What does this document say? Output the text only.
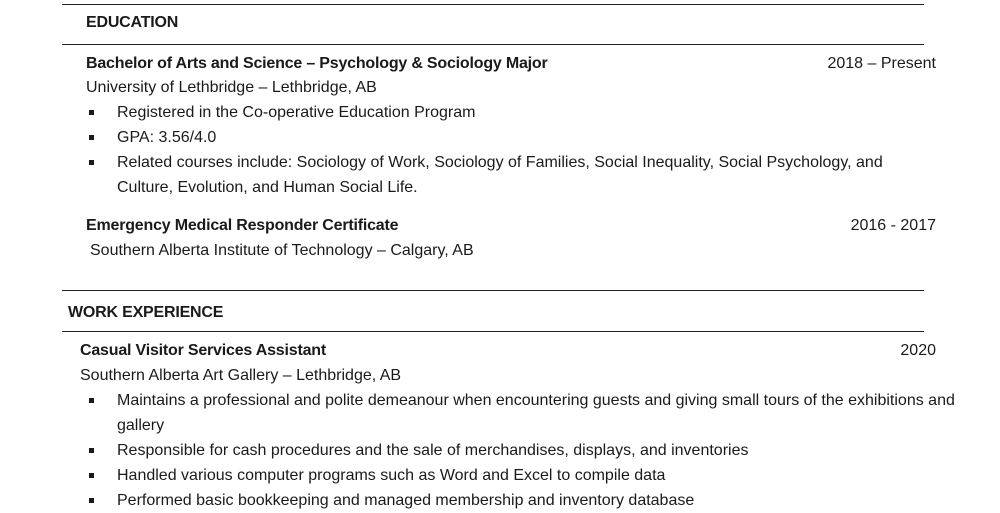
EDUCATION
Bachelor of Arts and Science – Psychology & Sociology Major	2018 – Present
University of Lethbridge – Lethbridge, AB
Registered in the Co-operative Education Program
GPA: 3.56/4.0
Related courses include: Sociology of Work, Sociology of Families, Social Inequality, Social Psychology, and Culture, Evolution, and Human Social Life.
Emergency Medical Responder Certificate	2016 - 2017
Southern Alberta Institute of Technology – Calgary, AB
WORK EXPERIENCE
Casual Visitor Services Assistant	2020
Southern Alberta Art Gallery – Lethbridge, AB
Maintains a professional and polite demeanour when encountering guests and giving small tours of the exhibitions and gallery
Responsible for cash procedures and the sale of merchandises, displays, and inventories
Handled various computer programs such as Word and Excel to compile data
Performed basic bookkeeping and managed membership and inventory database
